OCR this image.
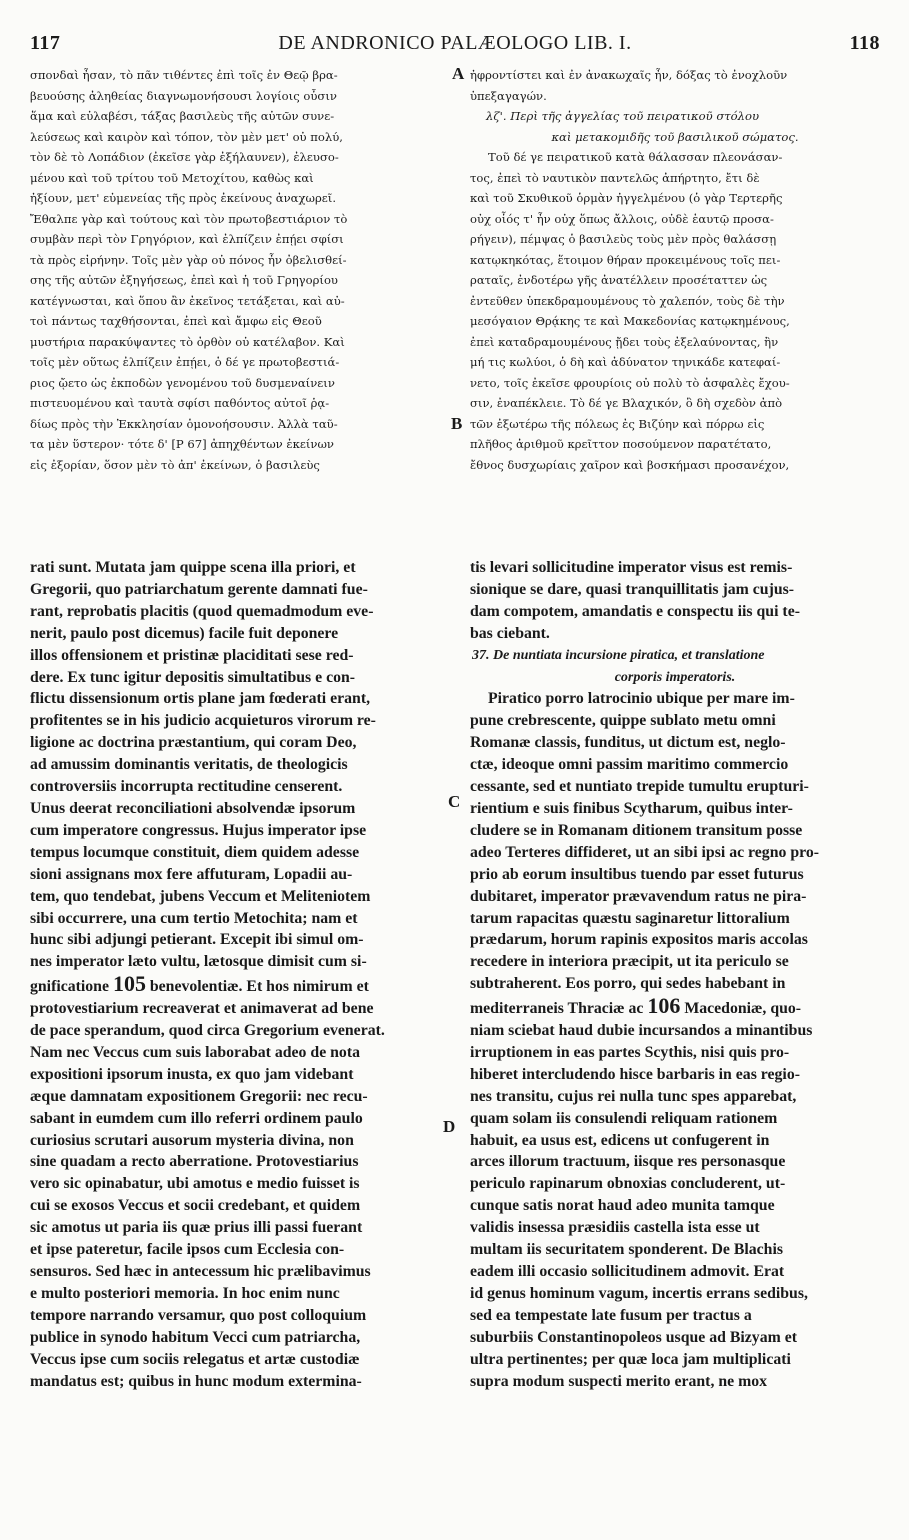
117	DE ANDRONICO PALÆOLOGO LIB. I.	118
A
B
C
D
σπονδαὶ ἦσαν, τὸ πᾶν τιθέντες ἐπὶ τοῖς ἐν Θεῷ βρα-
βευούσης ἀληθείας διαγνωμονήσουσι λογίοις οὖσιν
ἅμα καὶ εὐλαβέσι, τάξας βασιλεὺς τῆς αὐτῶν συνε-
λεύσεως καὶ καιρὸν καὶ τόπον, τὸν μὲν μετ' οὐ πολύ,
τὸν δὲ τὸ Λοπάδιον (ἐκεῖσε γὰρ ἐξήλαυνεν), ἐλευσο-
μένου καὶ τοῦ τρίτου τοῦ Μετοχίτου, καθὼς καὶ
ἠξίουν, μετ' εὐμενείας τῆς πρὸς ἐκείνους ἀναχωρεῖ.
Ἔθαλπε γὰρ καὶ τούτους καὶ τὸν πρωτοβεστιάριον τὸ
συμβὰν περὶ τὸν Γρηγόριον, καὶ ἐλπίζειν ἐπῄει σφίσι
τὰ πρὸς εἰρήνην. Τοῖς μὲν γὰρ οὐ πόνος ἦν ὀβελισθεί-
σης τῆς αὐτῶν ἐξηγήσεως, ἐπεὶ καὶ ἡ τοῦ Γρηγορίου
κατέγνωσται, καὶ ὅπου ἂν ἐκεῖνος τετάξεται, καὶ αὐ-
τοὶ πάντως ταχθήσονται, ἐπεὶ καὶ ἄμφω εἰς Θεοῦ
μυστήρια παρακύψαντες τὸ ὀρθὸν οὐ κατέλαβον. Καὶ
τοῖς μὲν οὕτως ἐλπίζειν ἐπῄει, ὁ δέ γε πρωτοβεστιά-
ριος ᾤετο ὡς ἐκποδὼν γενομένου τοῦ δυσμεναίνειν
πιστευομένου καὶ ταυτὰ σφίσι παθόντος αὐτοῖ ῥᾳ-
δίως πρὸς τὴν Ἐκκλησίαν ὁμονοήσουσιν. Ἀλλὰ ταῦ-
τα μὲν ὕστερον· τότε δ' [P 67] ἀπηχθέντων ἐκείνων
εἰς ἐξορίαν, ὅσον μὲν τὸ ἀπ' ἐκείνων, ὁ βασιλεὺς
ἠφροντίστει καὶ ἐν ἀνακωχαῖς ἦν, δόξας τὸ ἐνοχλοῦν
ὑπεξαγαγών.
λζ'. Περὶ τῆς ἀγγελίας τοῦ πειρατικοῦ στόλου
καὶ μετακομιδῆς τοῦ βασιλικοῦ σώματος.
Τοῦ δέ γε πειρατικοῦ κατὰ θάλασσαν πλεονάσαν-
τος, ἐπεὶ τὸ ναυτικὸν παντελῶς ἀπήρτητο, ἔτι δὲ
καὶ τοῦ Σκυθικοῦ ὁρμὰν ἠγγελμένου (ὁ γὰρ Τερτερῆς
οὐχ οἷός τ' ἦν οὐχ ὅπως ἄλλοις, οὐδὲ ἑαυτῷ προσα-
ρήγειν), πέμψας ὁ βασιλεὺς τοὺς μὲν πρὸς θαλάσσῃ
κατῳκηκότας, ἕτοιμον θήραν προκειμένους τοῖς πει-
ραταῖς, ἐνδοτέρω γῆς ἀνατέλλειν προσέταττεν ὡς
ἐντεῦθεν ὑπεκδραμουμένους τὸ χαλεπόν, τοὺς δὲ τὴν
μεσόγαιον Θρᾴκης τε καὶ Μακεδονίας κατῳκημένους,
ἐπεὶ καταδραμουμένους ᾔδει τοὺς ἐξελαύνοντας, ἢν
μή τις κωλύοι, ὁ δὴ καὶ ἀδύνατον τηνικάδε κατεφαί-
νετο, τοῖς ἐκεῖσε φρουρίοις οὐ πολὺ τὸ ἀσφαλὲς ἔχου-
σιν, ἐναπέκλειε. Τὸ δέ γε Βλαχικόν, ὃ δὴ σχεδὸν ἀπὸ
τῶν ἐξωτέρω τῆς πόλεως ἐς Βιζύην καὶ πόρρω εἰς
πλῆθος ἀριθμοῦ κρεῖττον ποσούμενον παρατέτατο,
ἔθνος δυσχωρίαις χαῖρον καὶ βοσκήμασι προσανέχον,
rati sunt. Mutata jam quippe scena illa priori, et
Gregorii, quo patriarchatum gerente damnati fue-
rant, reprobatis placitis (quod quemadmodum eve-
nerit, paulo post dicemus) facile fuit deponere
illos offensionem et pristinæ placiditati sese red-
dere. Ex tunc igitur depositis simultatibus e con-
flictu dissensionum ortis plane jam fœderati erant,
profitentes se in his judicio acquieturos virorum re-
ligione ac doctrina præstantium, qui coram Deo,
ad amussim dominantis veritatis, de theologicis
controversiis incorrupta rectitudine censerent.
Unus deerat reconciliationi absolvendæ ipsorum
cum imperatore congressus. Hujus imperator ipse
tempus locumque constituit, diem quidem adesse
sioni assignans mox fere affuturam, Lopadii au-
tem, quo tendebat, jubens Veccum et Meliteniotem
sibi occurrere, una cum tertio Metochita; nam et
hunc sibi adjungi petierant. Excepit ibi simul om-
nes imperator læto vultu, lætosque dimisit cum si-
gnificatione 105 benevolentiæ. Et hos nimirum et
protovestiarium recreaverat et animaverat ad bene
de pace sperandum, quod circa Gregorium evenerat.
Nam nec Veccus cum suis laborabat adeo de nota
expositioni ipsorum inusta, ex quo jam videbant
æque damnatam expositionem Gregorii: nec recu-
sabant in eumdem cum illo referri ordinem paulo
curiosius scrutari ausorum mysteria divina, non
sine quadam a recto aberratione. Protovestiarius
vero sic opinabatur, ubi amotus e medio fuisset is
cui se exosos Veccus et socii credebant, et quidem
sic amotus ut paria iis quæ prius illi passi fuerant
et ipse pateretur, facile ipsos cum Ecclesia con-
sensuros. Sed hæc in antecessum hic prælibavimus
e multo posteriori memoria. In hoc enim nunc
tempore narrando versamur, quo post colloquium
publice in synodo habitum Vecci cum patriarcha,
Veccus ipse cum sociis relegatus et artæ custodiæ
mandatus est; quibus in hunc modum extermina-
tis levari sollicitudine imperator visus est remis-
sionique se dare, quasi tranquillitatis jam cujus-
dam compotem, amandatis e conspectu iis qui te-
bas ciebant.
37. De nuntiata incursione piratica, et translatione
corporis imperatoris.
Piratico porro latrocinio ubique per mare im-
pune crebrescente, quippe sublato metu omni
Romanæ classis, funditus, ut dictum est, neglo-
ctæ, ideoque omni passim maritimo commercio
cessante, sed et nuntiato trepide tumultu erupturi-
rientium e suis finibus Scytharum, quibus inter-
cludere se in Romanam ditionem transitum posse
adeo Terteres diffideret, ut an sibi ipsi ac regno pro-
prio ab eorum insultibus tuendo par esset futurus
dubitaret, imperator prævavendum ratus ne pira-
tarum rapacitas quæstu saginaretur littoralium
prædarum, horum rapinis expositos maris accolas
recedere in interiora præcipit, ut ita periculo se
subtraherent. Eos porro, qui sedes habebant in
mediterraneis Thraciæ ac 106 Macedoniæ, quo-
niam sciebat haud dubie incursandos a minantibus
irruptionem in eas partes Scythis, nisi quis pro-
hiberet intercludendo hisce barbaris in eas regio-
nes transitu, cujus rei nulla tunc spes apparebat,
quam solam iis consulendi reliquam rationem
habuit, ea usus est, edicens ut confugerent in
arces illorum tractuum, iisque res personasque
periculo rapinarum obnoxias concluderent, ut-
cunque satis norat haud adeo munita tamque
validis insessa præsidiis castella ista esse ut
multam iis securitatem sponderent. De Blachis
eadem illi occasio sollicitudinem admovit. Erat
id genus hominum vagum, incertis errans sedibus,
sed ea tempestate late fusum per tractus a
suburbiis Constantinopoleos usque ad Bizyam et
ultra pertinentes; per quæ loca jam multiplicati
supra modum suspecti merito erant, ne mox
